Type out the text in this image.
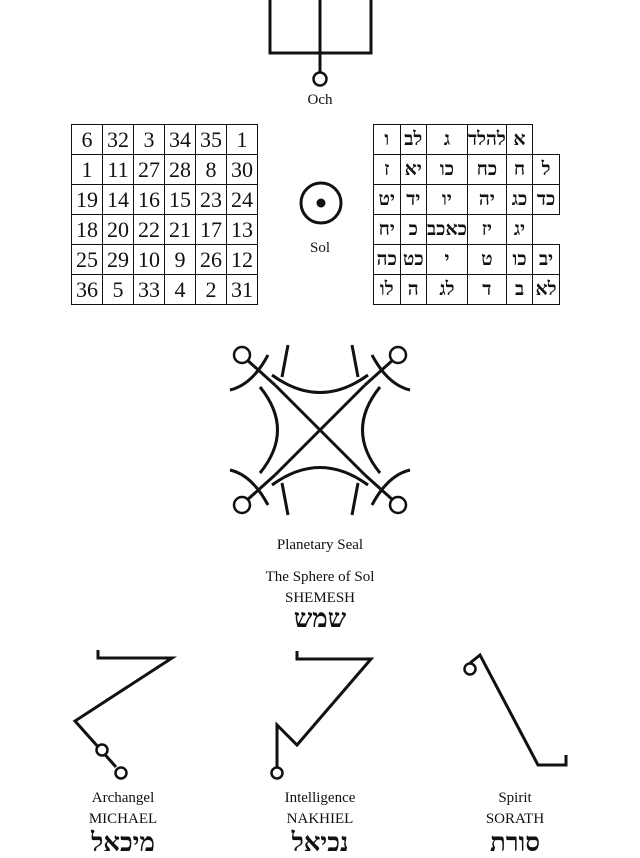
Och
6	32	3	34	35	1
1	11	27	28	8	30
19	14	16	15	23	24
18	20	22	21	17	13
25	29	10	9	26	12
36	5	33	4	2	31
Sol
ו	לב	ג	להלד	א	
ז	יא	כו	כח	ח	ל
יט	יד	יו	יה	כג	כד
יח	כ	כאכב	יז	יג	
כה	כט	י	ט	כו	יב
לו	ה	לג	ד	ב	לא
Planetary Seal
The Sphere of Sol
SHEMESH
שמש
Archangel
MICHAEL
מיכאל
Intelligence
NAKHIEL
נכיאל
Spirit
SORATH
סורת
